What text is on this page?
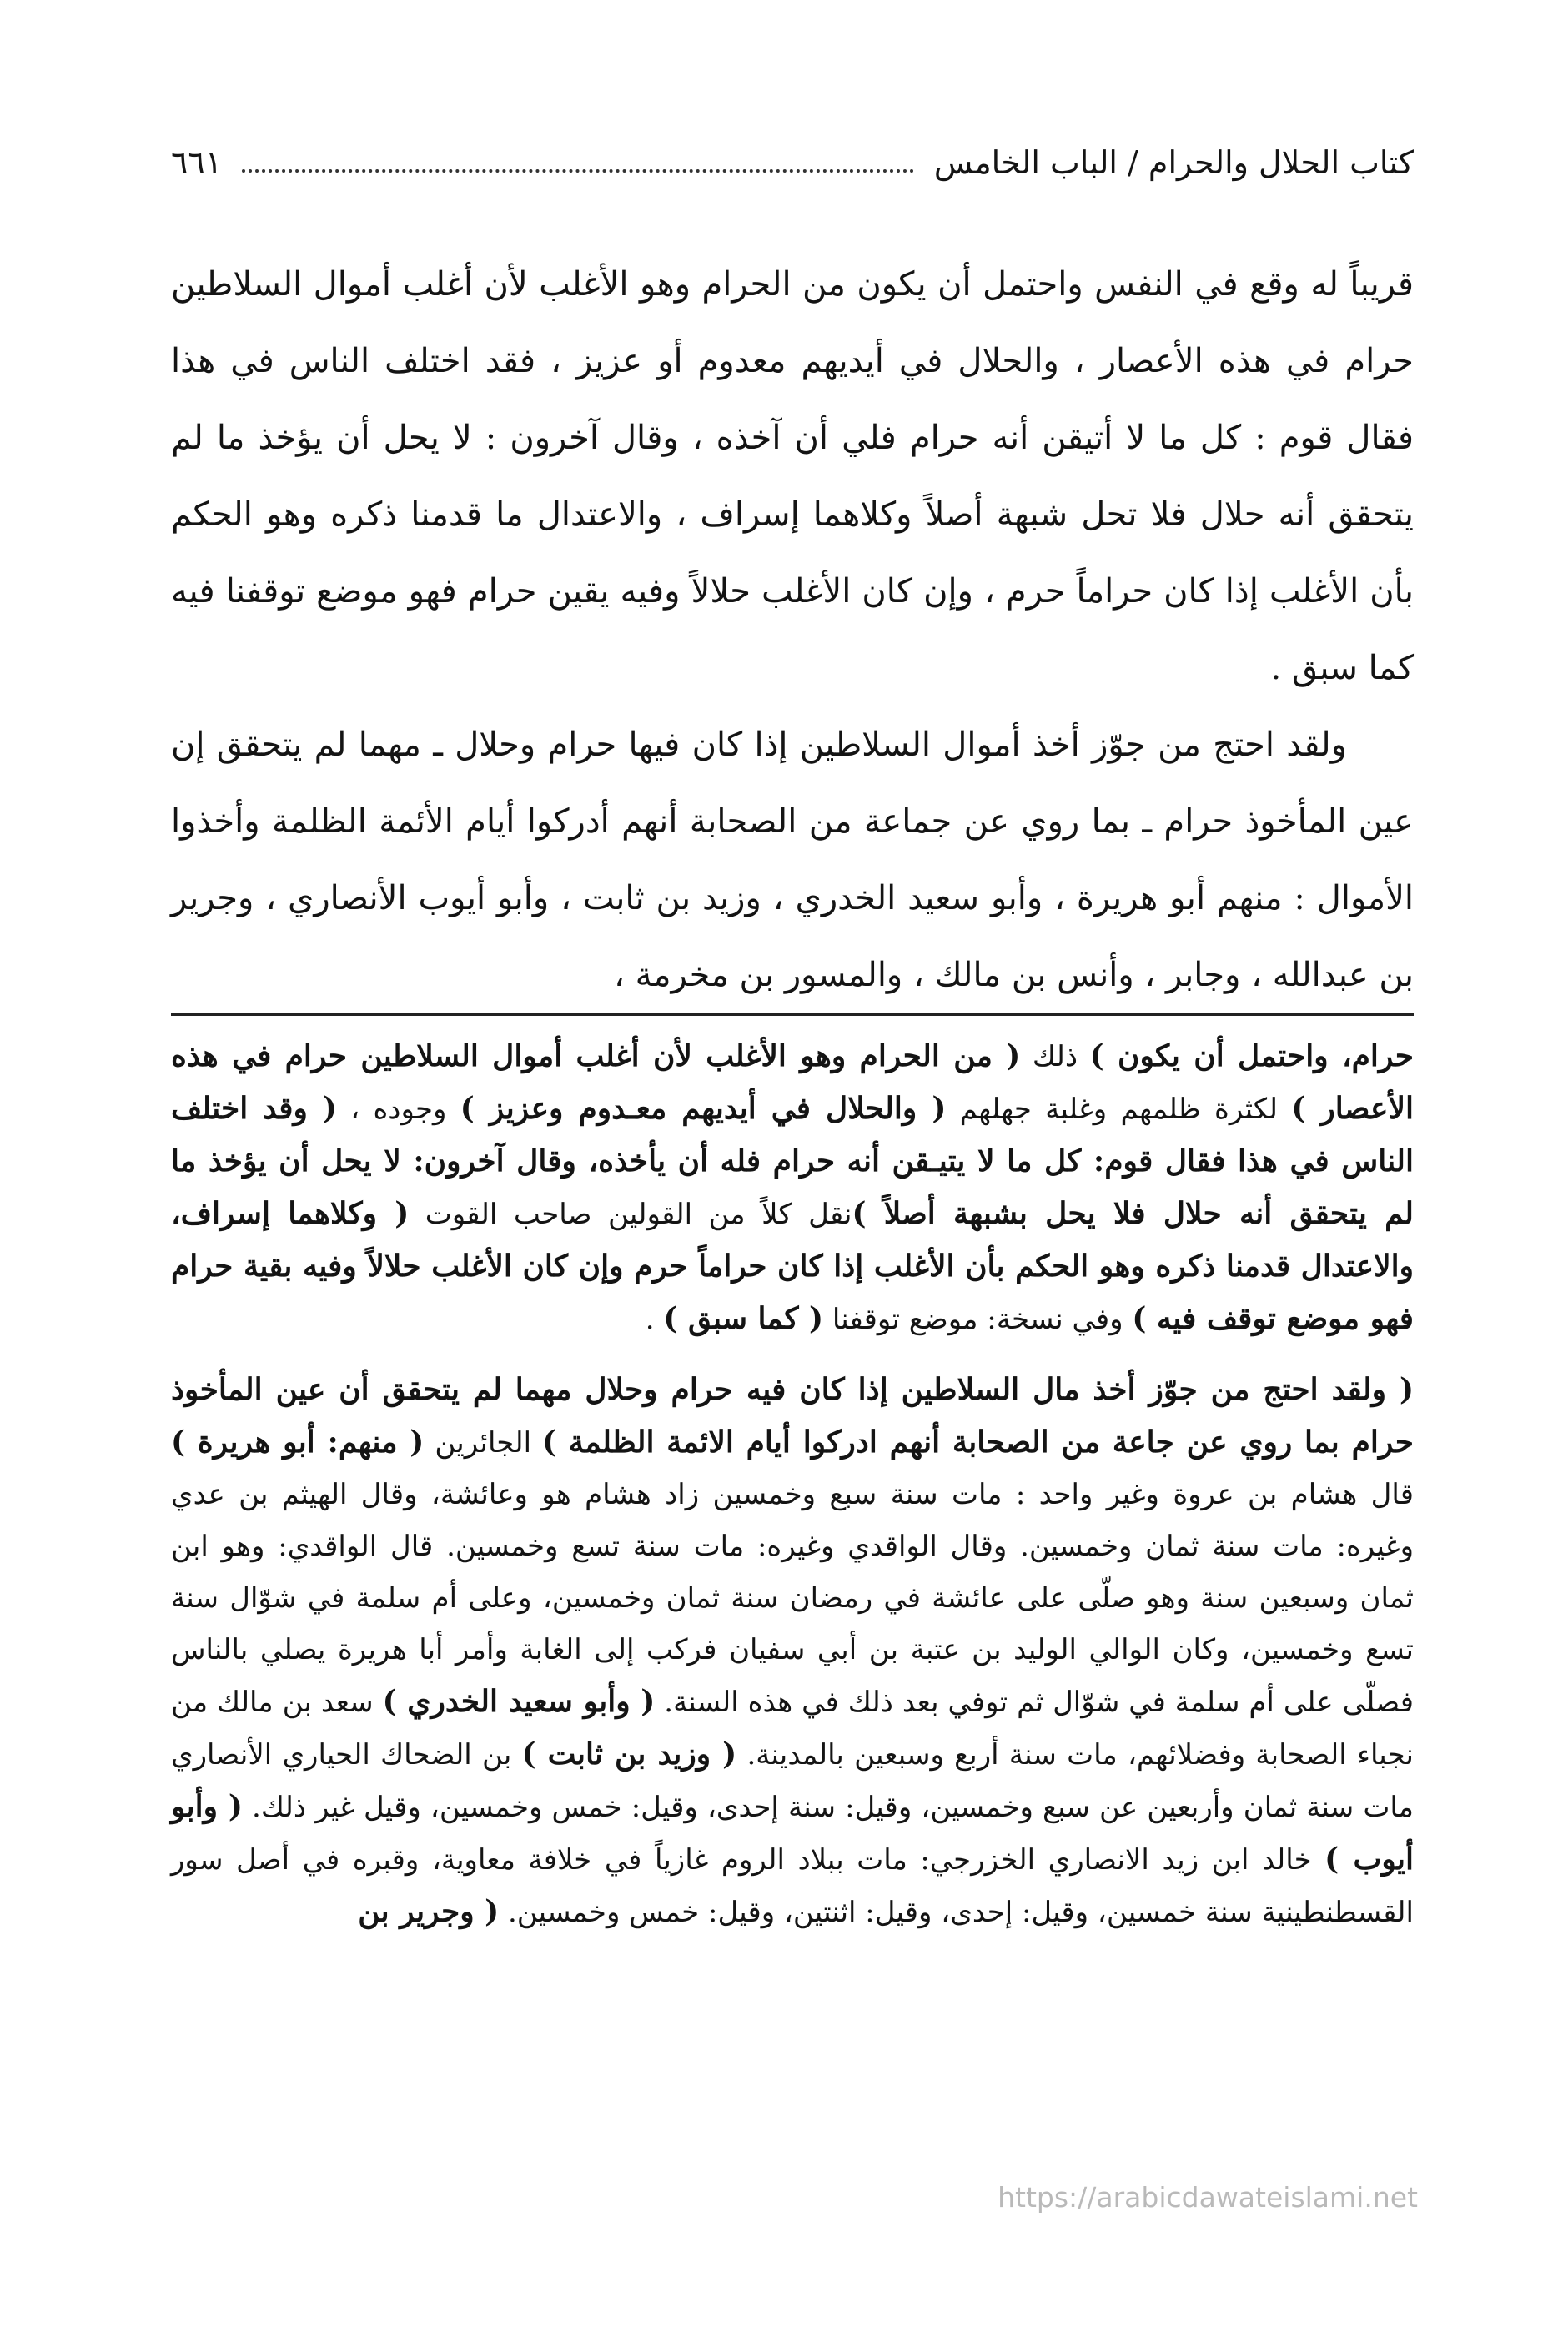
كتاب الحلال والحرام / الباب الخامس
٦٦١

قريباً له وقع في النفس واحتمل أن يكون من الحرام وهو الأغلب لأن أغلب أموال السلاطين حرام في هذه الأعصار ، والحلال في أيديهم معدوم أو عزيز ، فقد اختلف الناس في هذا فقال قوم : كل ما لا أتيقن أنه حرام فلي أن آخذه ، وقال آخرون : لا يحل أن يؤخذ ما لم يتحقق أنه حلال فلا تحل شبهة أصلاً وكلاهما إسراف ، والاعتدال ما قدمنا ذكره وهو الحكم بأن الأغلب إذا كان حراماً حرم ، وإن كان الأغلب حلالاً وفيه يقين حرام فهو موضع توقفنا فيه كما سبق .

ولقد احتج من جوّز أخذ أموال السلاطين إذا كان فيها حرام وحلال ـ مهما لم يتحقق إن عين المأخوذ حرام ـ بما روي عن جماعة من الصحابة أنهم أدركوا أيام الأئمة الظلمة وأخذوا الأموال : منهم أبو هريرة ، وأبو سعيد الخدري ، وزيد بن ثابت ، وأبو أيوب الأنصاري ، وجرير بن عبدالله ، وجابر ، وأنس بن مالك ، والمسور بن مخرمة ،

حرام، واحتمل أن يكون ) ذلك ( من الحرام وهو الأغلب لأن أغلب أموال السلاطين حرام في هذه الأعصار ) لكثرة ظلمهم وغلبة جهلهم ( والحلال في أيديهم معـدوم وعزيز ) وجوده ، ( وقد اختلف الناس في هذا فقال قوم: كل ما لا يتيـقن أنه حرام فله أن يأخذه، وقال آخرون: لا يحل أن يؤخذ ما لم يتحقق أنه حلال فلا يحل بشبهة أصلاً )نقل كلاً من القولين صاحب القوت ( وكلاهما إسراف، والاعتدال قدمنا ذكره وهو الحكم بأن الأغلب إذا كان حراماً حرم وإن كان الأغلب حلالاً وفيه بقية حرام فهو موضع توقف فيه ) وفي نسخة: موضع توقفنا ( كما سبق ) .

( ولقد احتج من جوّز أخذ مال السلاطين إذا كان فيه حرام وحلال مهما لم يتحقق أن عين المأخوذ حرام بما روي عن جاعة من الصحابة أنهم ادركوا أيام الائمة الظلمة ) الجائرين ( منهم: أبو هريرة ) قال هشام بن عروة وغير واحد : مات سنة سبع وخمسين زاد هشام هو وعائشة، وقال الهيثم بن عدي وغيره: مات سنة ثمان وخمسين. وقال الواقدي وغيره: مات سنة تسع وخمسين. قال الواقدي: وهو ابن ثمان وسبعين سنة وهو صلّى على عائشة في رمضان سنة ثمان وخمسين، وعلى أم سلمة في شوّال سنة تسع وخمسين، وكان الوالي الوليد بن عتبة بن أبي سفيان فركب إلى الغابة وأمر أبا هريرة يصلي بالناس فصلّى على أم سلمة في شوّال ثم توفي بعد ذلك في هذه السنة. ( وأبو سعيد الخدري ) سعد بن مالك من نجباء الصحابة وفضلائهم، مات سنة أربع وسبعين بالمدينة. ( وزيد بن ثابت ) بن الضحاك الحياري الأنصاري مات سنة ثمان وأربعين عن سبع وخمسين، وقيل: سنة إحدى، وقيل: خمس وخمسين، وقيل غير ذلك. ( وأبو أيوب ) خالد ابن زيد الانصاري الخزرجي: مات ببلاد الروم غازياً في خلافة معاوية، وقبره في أصل سور القسطنطينية سنة خمسين، وقيل: إحدى، وقيل: اثنتين، وقيل: خمس وخمسين. ( وجرير بن

https://arabicdawateislami.net
